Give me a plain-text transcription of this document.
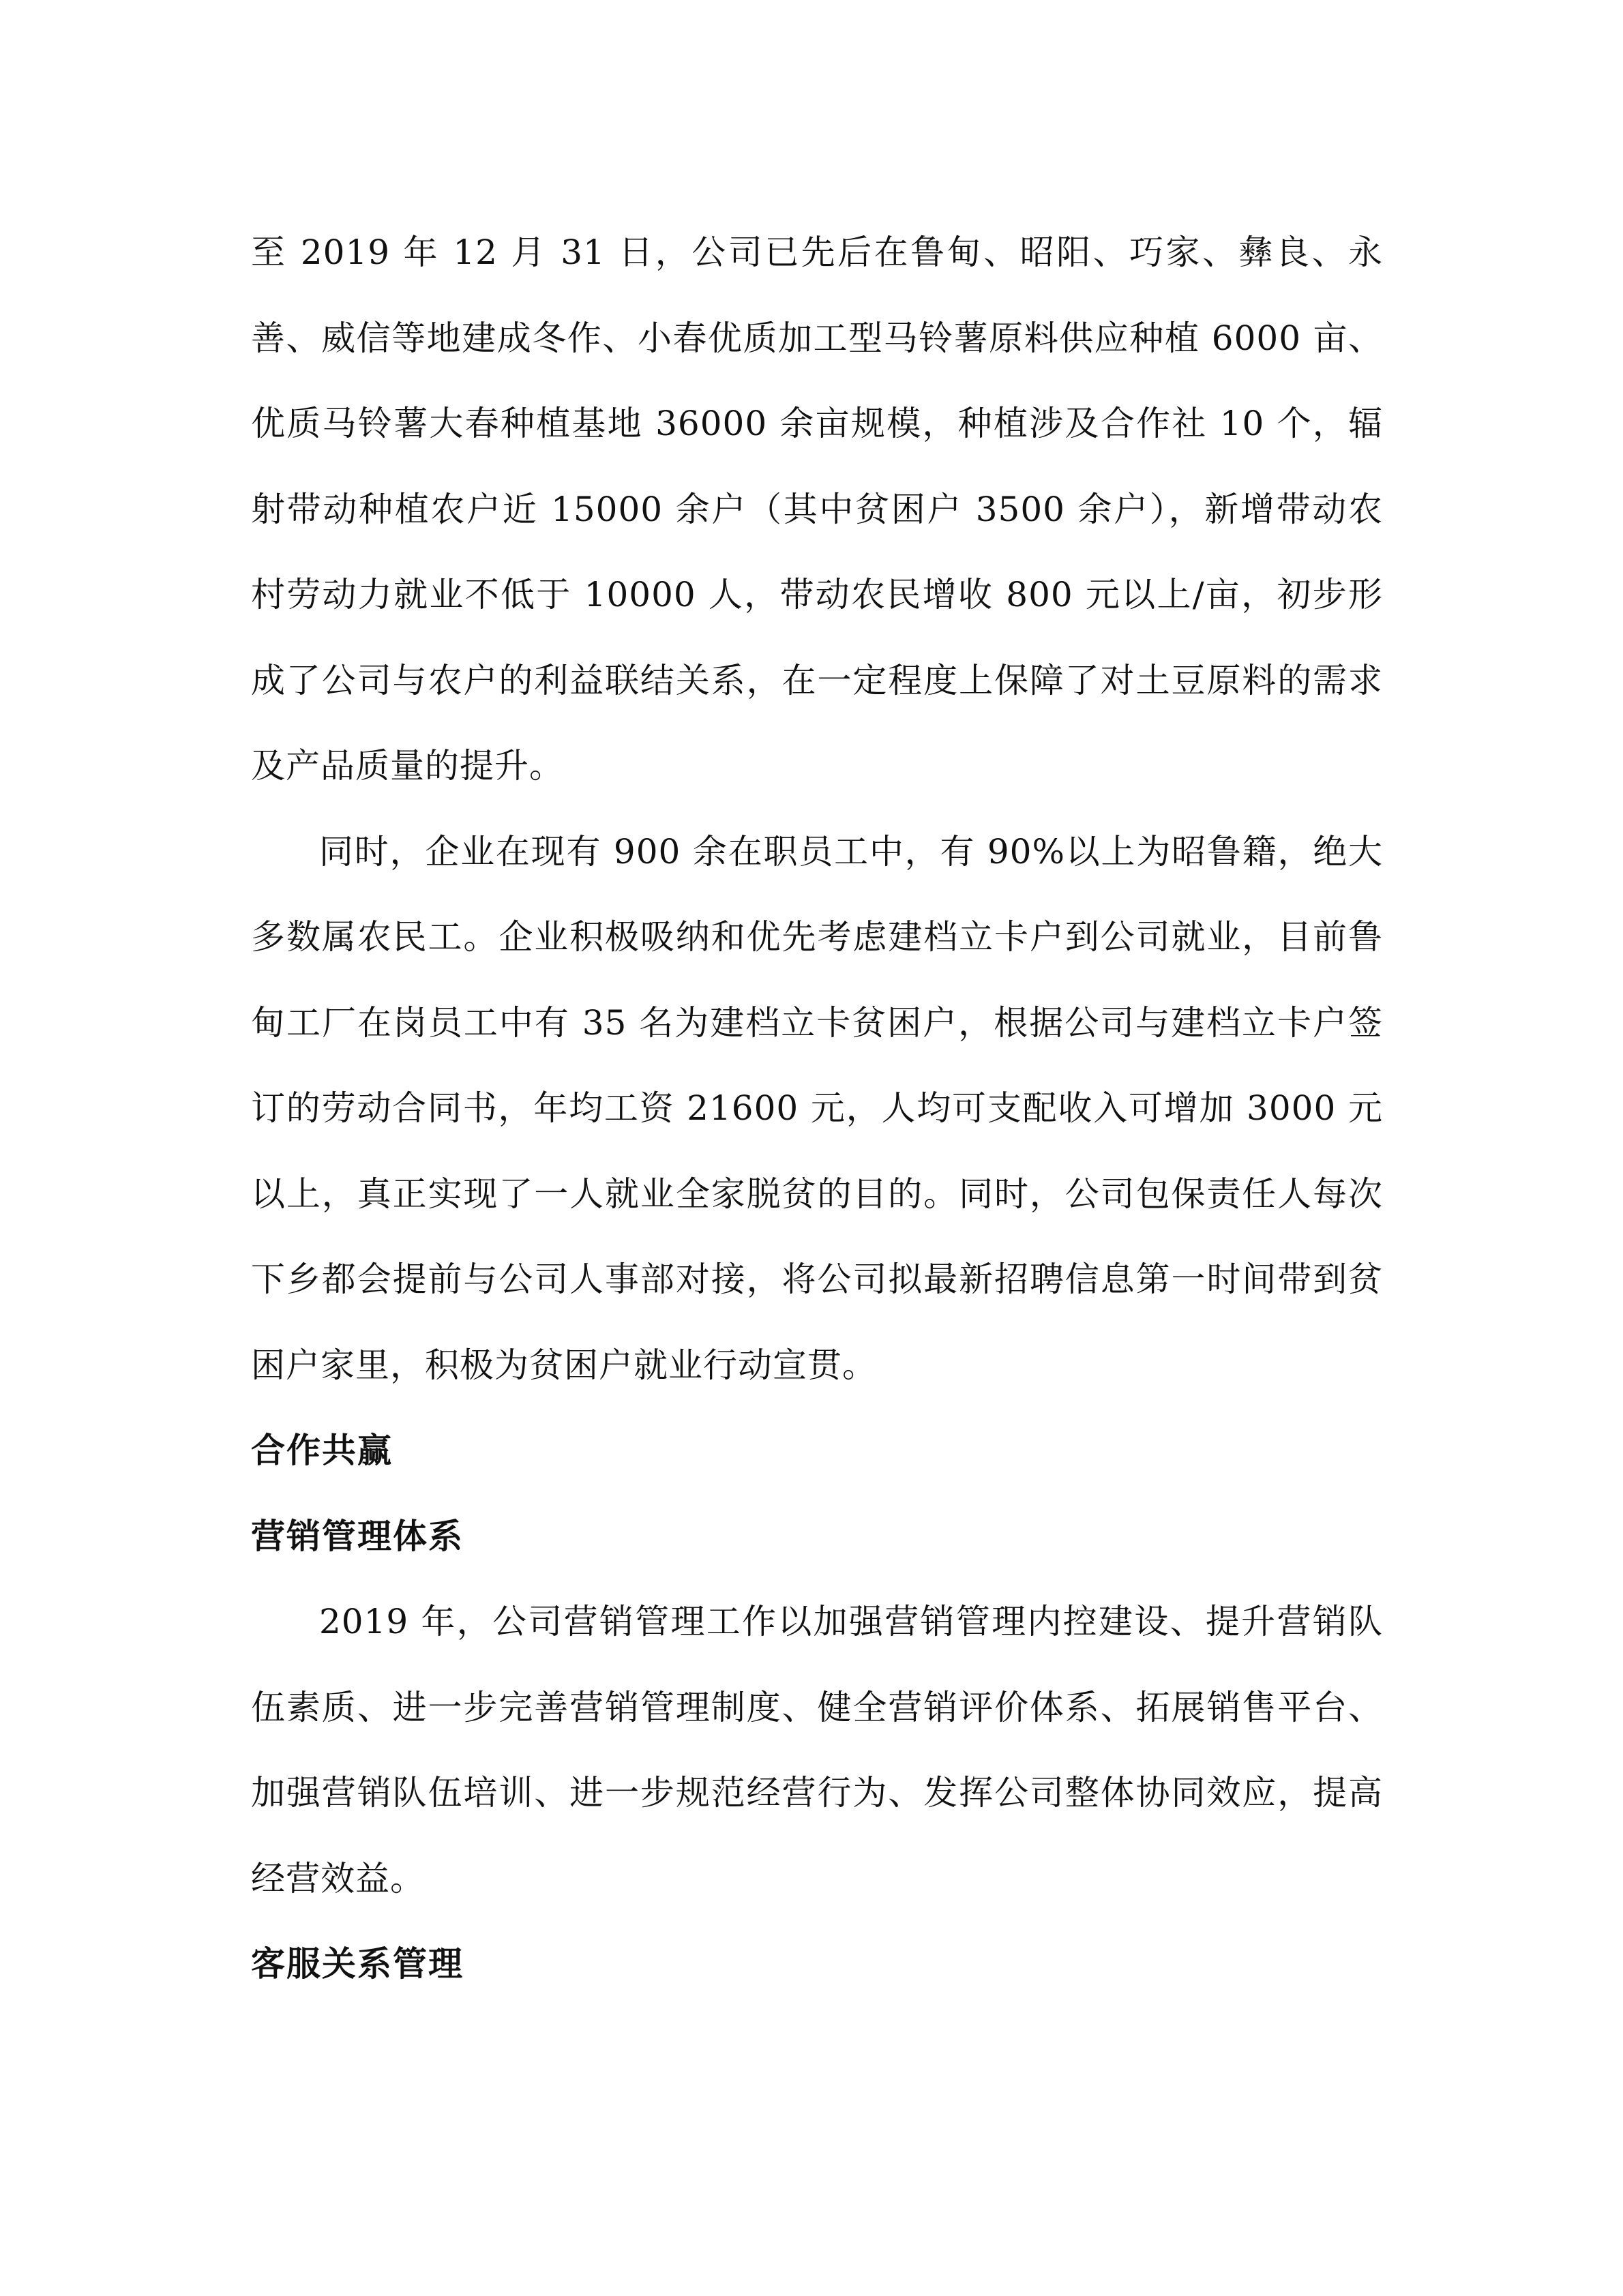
至 2019 年 12 月 31 日，公司已先后在鲁甸、昭阳、巧家、彝良、永善、威信等地建成冬作、小春优质加工型马铃薯原料供应种植 6000 亩、优质马铃薯大春种植基地 36000 余亩规模，种植涉及合作社 10 个，辐射带动种植农户近 15000 余户（其中贫困户 3500 余户），新增带动农村劳动力就业不低于 10000 人，带动农民增收 800 元以上/亩，初步形成了公司与农户的利益联结关系，在一定程度上保障了对土豆原料的需求及产品质量的提升。

同时，企业在现有 900 余在职员工中，有 90%以上为昭鲁籍，绝大多数属农民工。企业积极吸纳和优先考虑建档立卡户到公司就业，目前鲁甸工厂在岗员工中有 35 名为建档立卡贫困户，根据公司与建档立卡户签订的劳动合同书，年均工资 21600 元，人均可支配收入可增加 3000 元以上，真正实现了一人就业全家脱贫的目的。同时，公司包保责任人每次下乡都会提前与公司人事部对接，将公司拟最新招聘信息第一时间带到贫困户家里，积极为贫困户就业行动宣贯。

合作共赢
营销管理体系

2019 年，公司营销管理工作以加强营销管理内控建设、提升营销队伍素质、进一步完善营销管理制度、健全营销评价体系、拓展销售平台、加强营销队伍培训、进一步规范经营行为、发挥公司整体协同效应，提高经营效益。

客服关系管理
